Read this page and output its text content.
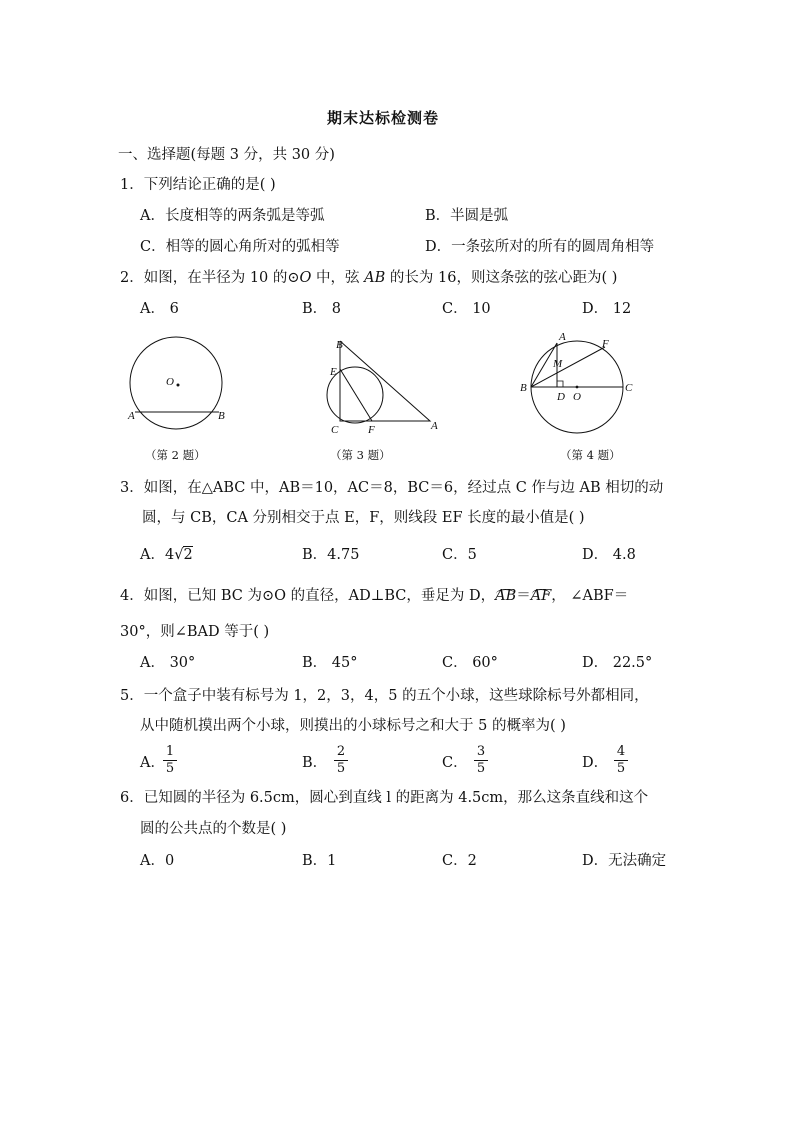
期末达标检测卷
一、选择题(每题 3 分，共 30 分)
1．下列结论正确的是( )
A．长度相等的两条弧是等弧	B．半圆是弧
C．相等的圆心角所对的弧相等	D．一条弦所对的所有的圆周角相等
2．如图，在半径为 10 的⊙O 中，弦 AB 的长为 16，则这条弦的弦心距为( )
A． 6	B． 8	C． 10	D． 12
O
A	B
（第 2 题）
B
E
C	F	A
（第 3 题）
A
F
M
B
D O
C
（第 4 题）
3．如图，在△ABC 中，AB＝10，AC＝8，BC＝6，经过点 C 作与边 AB 相切的动
圆，与 CB，CA 分别相交于点 E，F，则线段 EF 长度的最小值是( )
A．4√2	B．4.75	C．5	D． 4.8
4．如图，已知 BC 为⊙O 的直径，AD⊥BC，垂足为 D，
AB＝
AF， ∠ABF＝
30°，则∠BAD 等于( )
A． 30°	B． 45°	C． 60°	D． 22.5°
5．一个盒子中装有标号为 1，2，3，4，5 的五个小球，这些球除标号外都相同，
从中随机摸出两个小球，则摸出的小球标号之和大于 5 的概率为( )
A．
$\frac{1}{5}$	B． $\frac{2}{5}$	C． $\frac{3}{5}$	D． $\frac{4}{5}$
6．已知圆的半径为 6.5cm，圆心到直线 l 的距离为 4.5cm，那么这条直线和这个
圆的公共点的个数是( )
A．0	B．1	C．2	D．无法确定
